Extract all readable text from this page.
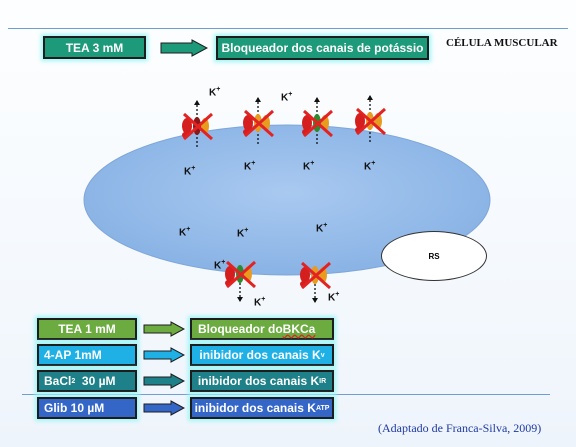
TEA 3 mM	Bloqueador dos canais de potássio CÉLULA MUSCULAR
RS
K+
K+
K+	K+	K+	K+
K+	K+	K+
K+
K+	K+
TEA 1 mM	Bloqueador do BKCa
4-AP 1mM	inibidor dos canais K v
BaCl 2 30 µM	inibidor dos canais K IR
Glib 10 µM	inibidor dos canais K ATP
(Adaptado de Franca-Silva, 2009)
